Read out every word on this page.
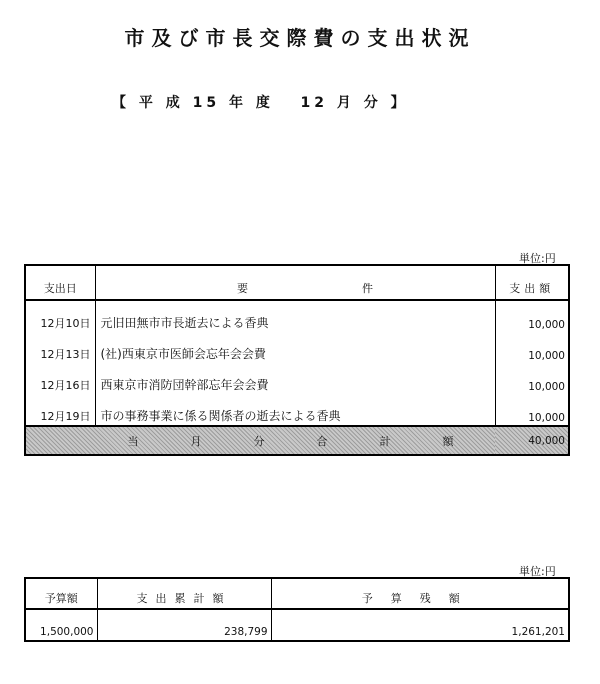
市及び市長交際費の支出状況
【 平 成 15 年 度   12 月 分 】
単位:円
支出日	要件	支出額
12月10日	元旧田無市市長逝去による香典	10,000
12月13日	(社)西東京市医師会忘年会会費	10,000
12月16日	西東京市消防団幹部忘年会会費	10,000
12月19日	市の事務事業に係る関係者の逝去による香典	10,000
当月分合計額		40,000
単位:円
予算額	支出累計額	予算残額
1,500,000	238,799	1,261,201
